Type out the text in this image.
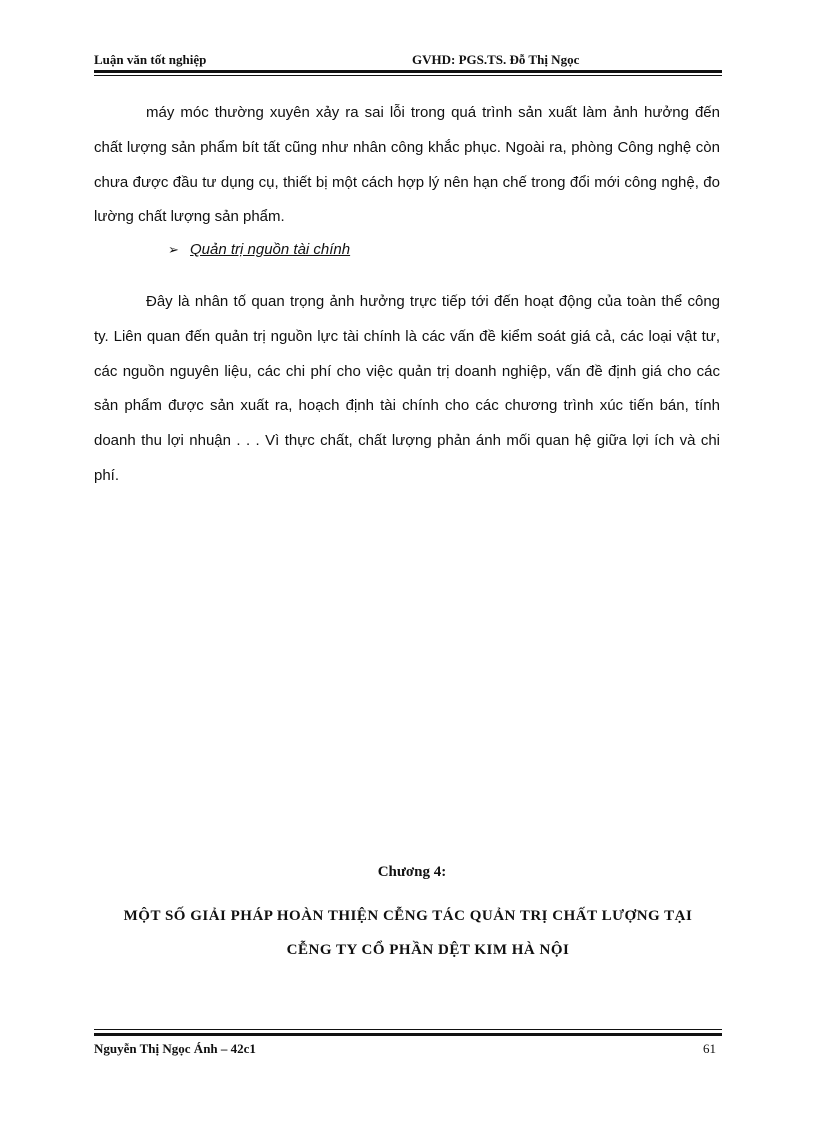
Luận văn tốt nghiệp	GVHD: PGS.TS. Đỗ Thị Ngọc

máy móc thường xuyên xảy ra sai lỗi trong quá trình sản xuất làm ảnh hưởng đến chất lượng sản phẩm bít tất cũng như nhân công khắc phục. Ngoài ra, phòng Công nghệ còn chưa được đầu tư dụng cụ, thiết bị một cách hợp lý nên hạn chế trong đổi mới công nghệ, đo lường chất lượng sản phẩm.

➢ Quản trị nguồn tài chính

Đây là nhân tố quan trọng ảnh hưởng trực tiếp tới đến hoạt động của toàn thể công ty. Liên quan đến quản trị nguồn lực tài chính là các vấn đề kiểm soát giá cả, các loại vật tư, các nguồn nguyên liệu, các chi phí cho việc quản trị doanh nghiệp, vấn đề định giá cho các sản phẩm được sản xuất ra, hoạch định tài chính cho các chương trình xúc tiến bán, tính doanh thu lợi nhuận . . . Vì thực chất, chất lượng phản ánh mối quan hệ giữa lợi ích và chi phí.

Chương 4:
MỘT SỐ GIẢI PHÁP HOÀN THIỆN CỄNG TÁC QUẢN TRỊ CHẤT LƯỢNG TẠI
CỄNG TY CỔ PHẦN DỆT KIM HÀ NỘI
Nguyễn Thị Ngọc Ánh – 42c1	61
